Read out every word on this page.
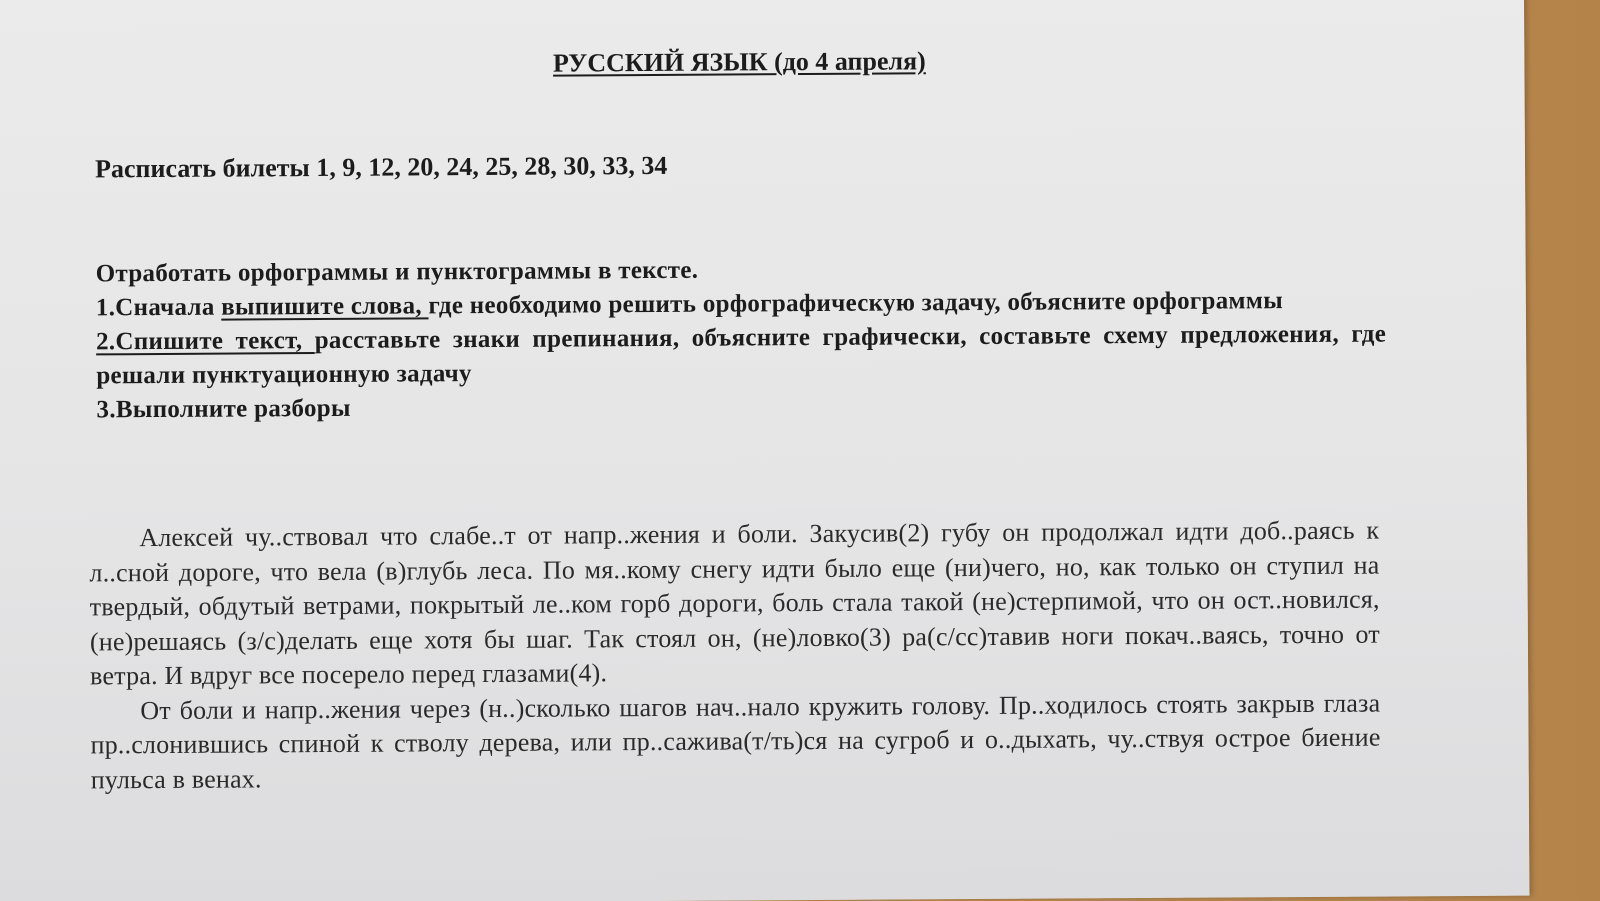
РУССКИЙ ЯЗЫК (до 4 апреля)
Расписать билеты 1, 9, 12, 20, 24, 25, 28, 30, 33, 34
Отработать орфограммы и пунктограммы в тексте.
1.Сначала выпишите слова, где необходимо решить орфографическую задачу, объясните орфограммы
2.Спишите текст, расставьте знаки препинания, объясните графически, составьте схему предложения, где решали пунктуационную задачу
3.Выполните разборы

Алексей чу..ствовал что слабе..т от напр..жения и боли. Закусив(2) губу он продолжал идти доб..раясь к л..сной дороге, что вела (в)глубь леса. По мя..кому снегу идти было еще (ни)чего, но, как только он ступил на твердый, обдутый ветрами, покрытый ле..ком горб дороги, боль стала такой (не)стерпимой, что он ост..новился, (не)решаясь (з/с)делать еще хотя бы шаг. Так стоял он, (не)ловко(3) ра(с/сс)тавив ноги покач..ваясь, точно от ветра. И вдруг все посерело перед глазами(4).

От боли и напр..жения через (н..)сколько шагов нач..нало кружить голову. Пр..ходилось стоять закрыв глаза пр..слонившись спиной к стволу дерева, или пр..сажива(т/ть)ся на сугроб и о..дыхать, чу..ствуя острое биение пульса в венах.
